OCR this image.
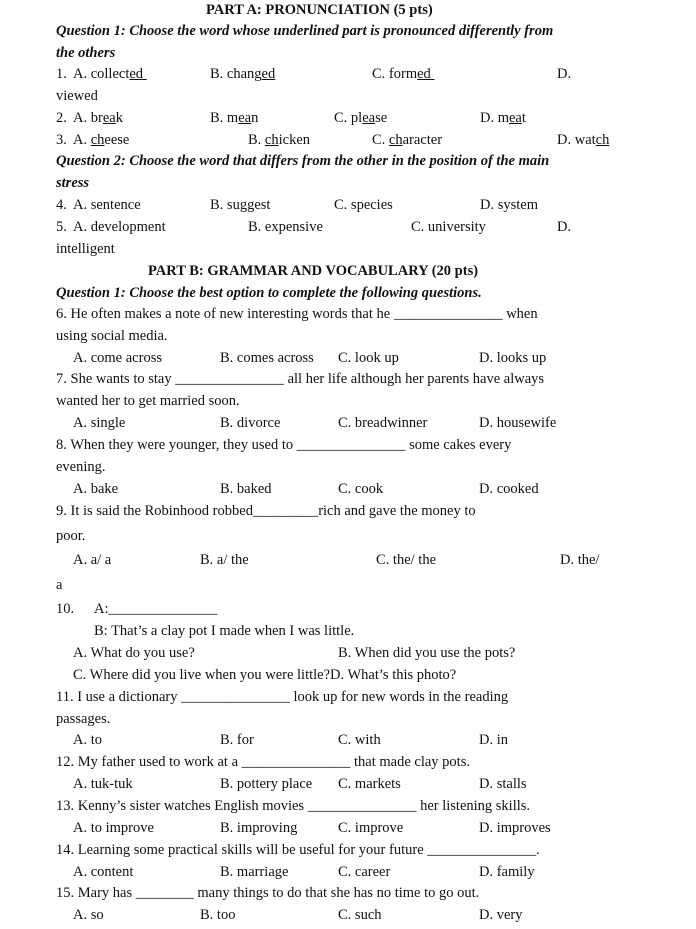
PART A: PRONUNCIATION (5 pts)
Question 1: Choose the word whose underlined part is pronounced differently from
the others
1. A. collected	B. changed	C. formed	D.
viewed
2. A. break	B. mean	C. please	D. meat
3. A. cheese	B. chicken	C. character	D. watch
Question 2: Choose the word that differs from the other in the position of the main
stress
4. A. sentence	B. suggest	C. species	D. system
5. A. development	B. expensive	C. university	D.
intelligent
PART B: GRAMMAR AND VOCABULARY (20 pts)
Question 1: Choose the best option to complete the following questions.
6. He often makes a note of new interesting words that he _______________ when
using social media.
A. come across	B. comes across C. look up	D. looks up
7. She wants to stay _______________ all her life although her parents have always
wanted her to get married soon.
A. single	B. divorce	C. breadwinner	D. housewife
8. When they were younger, they used to _______________ some cakes every
evening.
A. bake	B. baked	C. cook	D. cooked
9. It is said the Robinhood robbed_________rich and gave the money to
poor.
A. a/ a	B. a/ the	C. the/ the	D. the/
a
10. A:_______________
B: That’s a clay pot I made when I was little.
A. What do you use?	B. When did you use the pots?
C. Where did you live when you were little?D. What’s this photo?
11. I use a dictionary _______________ look up for new words in the reading
passages.
A. to	B. for	C. with	D. in
12. My father used to work at a _______________ that made clay pots.
A. tuk-tuk	B. pottery place C. markets	D. stalls
13. Kenny’s sister watches English movies _______________ her listening skills.
A. to improve	B. improving	C. improve	D. improves
14. Learning some practical skills will be useful for your future _______________.
A. content	B. marriage	C. career	D. family
15. Mary has ________ many things to do that she has no time to go out.
A. so	B. too	C. such	D. very
